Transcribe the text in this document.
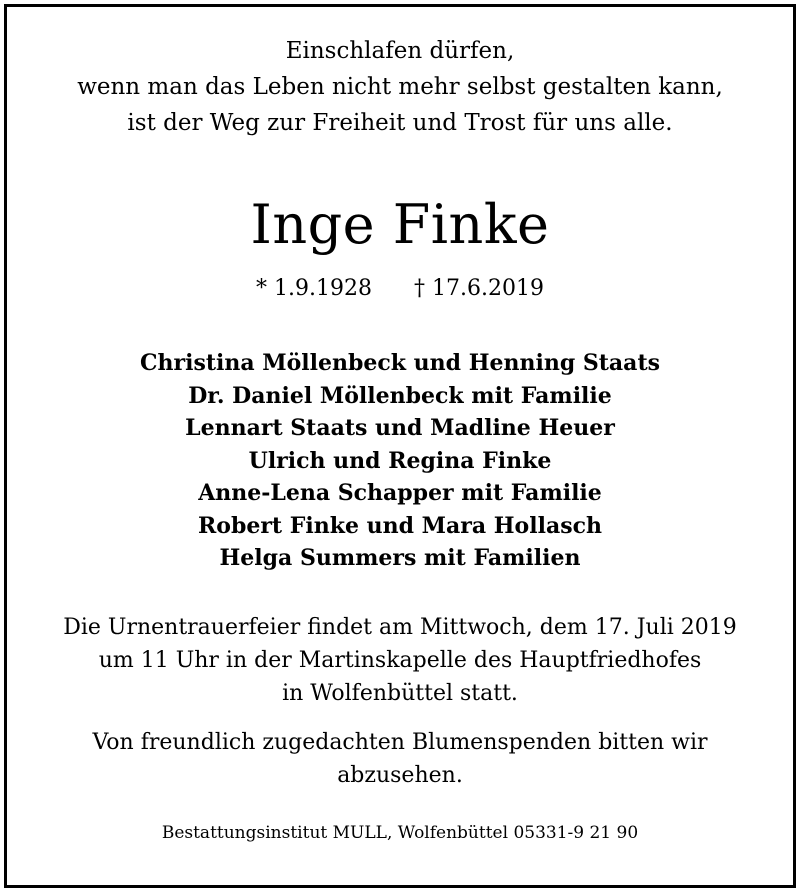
Einschlafen dürfen,
wenn man das Leben nicht mehr selbst gestalten kann,
ist der Weg zur Freiheit und Trost für uns alle.
Inge Finke
* 1.9.1928 † 17.6.2019
Christina Möllenbeck und Henning Staats
Dr. Daniel Möllenbeck mit Familie
Lennart Staats und Madline Heuer
Ulrich und Regina Finke
Anne-Lena Schapper mit Familie
Robert Finke und Mara Hollasch
Helga Summers mit Familien
Die Urnentrauerfeier findet am Mittwoch, dem 17. Juli 2019
um 11 Uhr in der Martinskapelle des Hauptfriedhofes
in Wolfenbüttel statt.
Von freundlich zugedachten Blumenspenden bitten wir
abzusehen.
Bestattungsinstitut MULL, Wolfenbüttel 05331-9 21 90
